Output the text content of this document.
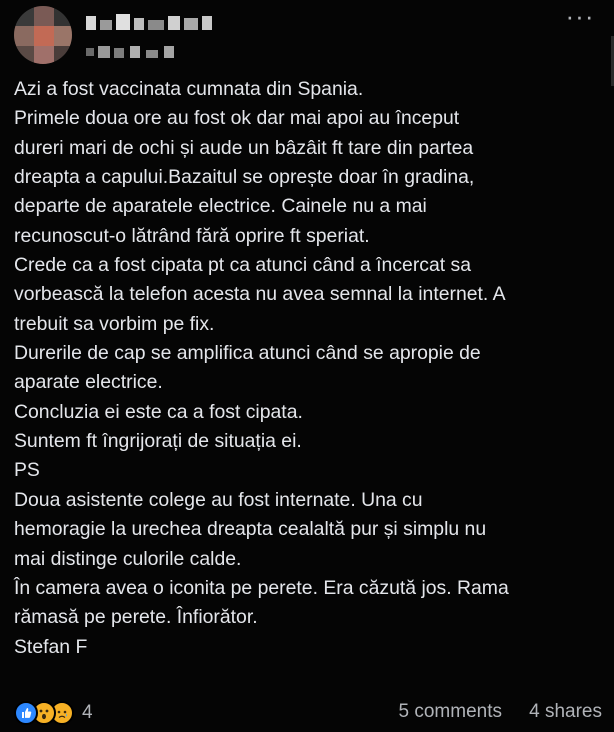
···
Azi a fost vaccinata cumnata din Spania.
Primele doua ore au fost ok dar mai apoi au început
dureri mari de ochi și aude un bâzâit ft tare din partea
dreapta a capului.Bazaitul se oprește doar în gradina,
departe de aparatele electrice. Cainele nu a mai
recunoscut-o lătrând fără oprire ft speriat.
Crede ca a fost cipata pt ca atunci când a încercat sa
vorbească la telefon acesta nu avea semnal la internet. A
trebuit sa vorbim pe fix.
Durerile de cap se amplifica atunci când se apropie de
aparate electrice.
Concluzia ei este ca a fost cipata.
Suntem ft îngrijorați de situația ei.
PS
Doua asistente colege au fost internate. Una cu
hemoragie la urechea dreapta cealaltă pur și simplu nu
mai distinge culorile calde.
În camera avea o iconita pe perete. Era căzută jos. Rama
rămasă pe perete. Înfiorător.
Stefan F
4	5 comments 4 shares
